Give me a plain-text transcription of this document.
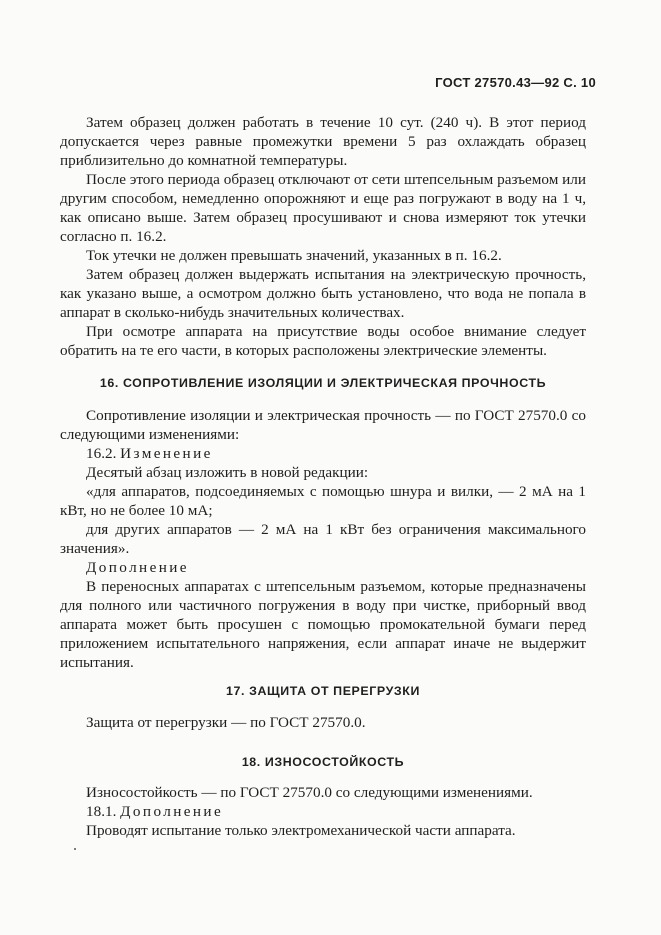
ГОСТ 27570.43—92 С. 10

Затем образец должен работать в течение 10 сут. (240 ч). В этот период допускается через равные промежутки времени 5 раз охлаждать образец приблизительно до комнатной температуры.

После этого периода образец отключают от сети штепсельным разъемом или другим способом, немедленно опорожняют и еще раз погружают в воду на 1 ч, как описано выше. Затем образец просушивают и снова измеряют ток утечки согласно п. 16.2.

Ток утечки не должен превышать значений, указанных в п. 16.2.

Затем образец должен выдержать испытания на электрическую прочность, как указано выше, а осмотром должно быть установлено, что вода не попала в аппарат в сколько-нибудь значительных количествах.

При осмотре аппарата на присутствие воды особое внимание следует обратить на те его части, в которых расположены электрические элементы.

16. СОПРОТИВЛЕНИЕ ИЗОЛЯЦИИ И ЭЛЕКТРИЧЕСКАЯ ПРОЧНОСТЬ

Сопротивление изоляции и электрическая прочность — по ГОСТ 27570.0 со следующими изменениями:

16.2. Изменение

Десятый абзац изложить в новой редакции:

«для аппаратов, подсоединяемых с помощью шнура и вилки, — 2 мА на 1 кВт, но не более 10 мА;

для других аппаратов — 2 мА на 1 кВт без ограничения максимального значения».

Дополнение

В переносных аппаратах с штепсельным разъемом, которые предназначены для полного или частичного погружения в воду при чистке, приборный ввод аппарата может быть просушен с помощью промокательной бумаги перед приложением испытательного напряжения, если аппарат иначе не выдержит испытания.

17. ЗАЩИТА ОТ ПЕРЕГРУЗКИ

Защита от перегрузки — по ГОСТ 27570.0.

18. ИЗНОСОСТОЙКОСТЬ

Износостойкость — по ГОСТ 27570.0 со следующими изменениями.

18.1. Дополнение

Проводят испытание только электромеханической части аппарата.
